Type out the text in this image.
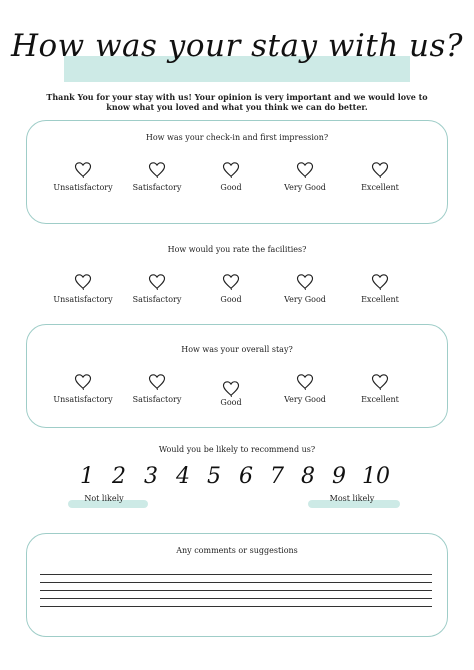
How was your stay with us?
Thank You for your stay with us! Your opinion is very important and we would love to know what you loved and what you think we can do better.
How was your check-in and first impression?
Unsatisfactory	Satisfactory	Good	Very Good	Excellent
How would you rate the facilities?
Unsatisfactory	Satisfactory	Good	Very Good	Excellent
How was your overall stay?
Unsatisfactory	Satisfactory	Good	Very Good	Excellent
Would you be likely to recommend us?
1 2 3 4 5 6 7 8 9 10
Not likely	Most likely
Any comments or suggestions
